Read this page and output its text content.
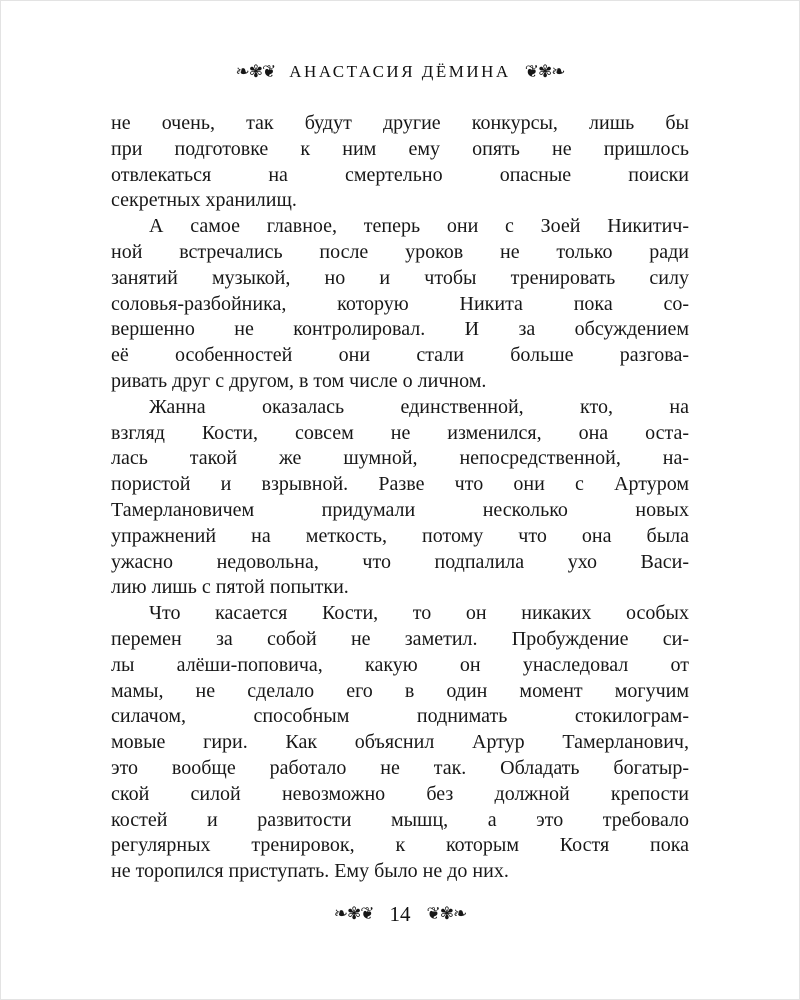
❧✾❦ АНАСТАСИЯ ДЁМИНА ❦✾❧
не очень, так будут другие конкурсы, лишь бы
при подготовке к ним ему опять не пришлось
отвлекаться на смертельно опасные поиски
секретных хранилищ.
А самое главное, теперь они с Зоей Никитич-
ной встречались после уроков не только ради
занятий музыкой, но и чтобы тренировать силу
соловья-разбойника, которую Никита пока со-
вершенно не контролировал. И за обсуждением
её особенностей они стали больше разгова-
ривать друг с другом, в том числе о личном.
Жанна оказалась единственной, кто, на
взгляд Кости, совсем не изменился, она оста-
лась такой же шумной, непосредственной, на-
пористой и взрывной. Разве что они с Артуром
Тамерлановичем придумали несколько новых
упражнений на меткость, потому что она была
ужасно недовольна, что подпалила ухо Васи-
лию лишь с пятой попытки.
Что касается Кости, то он никаких особых
перемен за собой не заметил. Пробуждение си-
лы алёши-поповича, какую он унаследовал от
мамы, не сделало его в один момент могучим
силачом, способным поднимать стокилограм-
мовые гири. Как объяснил Артур Тамерланович,
это вообще работало не так. Обладать богатыр-
ской силой невозможно без должной крепости
костей и развитости мышц, а это требовало
регулярных тренировок, к которым Костя пока
не торопился приступать. Ему было не до них.
❧✾❦ 14 ❦✾❧
